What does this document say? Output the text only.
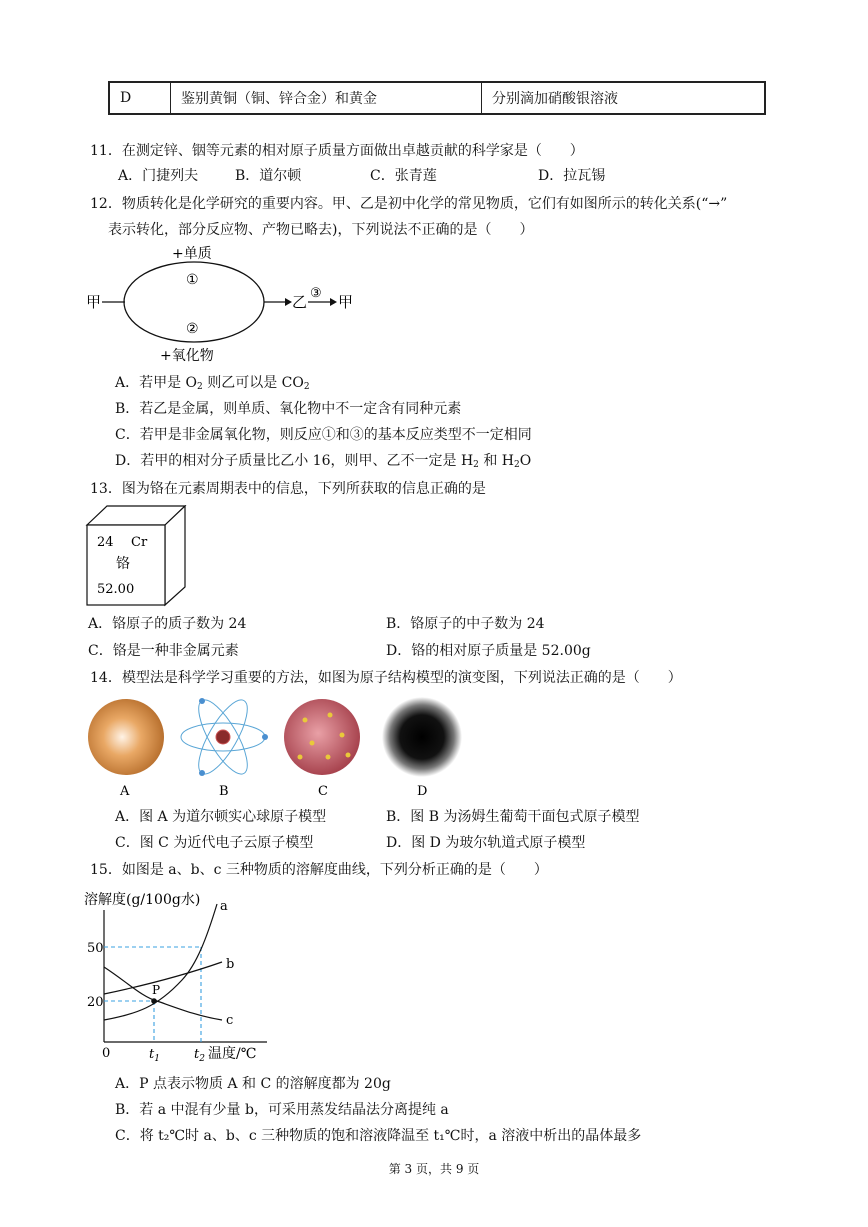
D	鉴别黄铜（铜、锌合金）和黄金	分别滴加硝酸银溶液
11．在测定锌、铟等元素的相对原子质量方面做出卓越贡献的科学家是（　　）
A．门捷列夫	B．道尔顿	C．张青莲	D．拉瓦锡
12．物质转化是化学研究的重要内容。甲、乙是初中化学的常见物质，它们有如图所示的转化关系(“→”
表示转化，部分反应物、产物已略去)，下列说法不正确的是（　　）
甲
+单质
①
②
+氧化物
乙 ③ 甲
A．若甲是 $O_2$ 则乙可以是 $CO_2$
B．若乙是金属，则单质、氧化物中不一定含有同种元素
C．若甲是非金属氧化物，则反应①和③的基本反应类型不一定相同
D．若甲的相对分子质量比乙小 16，则甲、乙不一定是 $H_2$ 和 $H_2O$
13．图为铬在元素周期表中的信息，下列所获取的信息正确的是
24 Cr
铬
52.00
A．铬原子的质子数为 24	B．铬原子的中子数为 24
C．铬是一种非金属元素	D．铬的相对原子质量是 52.00g
14．模型法是科学学习重要的方法，如图为原子结构模型的演变图，下列说法正确的是（　　）
A	B	C	D
A．图 A 为道尔顿实心球原子模型	B．图 B 为汤姆生葡萄干面包式原子模型
C．图 C 为近代电子云原子模型	D．图 D 为玻尔轨道式原子模型
15．如图是 a、b、c 三种物质的溶解度曲线，下列分析正确的是（　　）
溶解度(g/100g水)
P
a
b
c
50
20
0	$t_1$	$t_2$ 温度/℃
A．P 点表示物质 A 和 C 的溶解度都为 20g
B．若 a 中混有少量 b，可采用蒸发结晶法分离提纯 a
C．将 t₂℃时 a、b、c 三种物质的饱和溶液降温至 t₁℃时，a 溶液中析出的晶体最多
第 3 页，共 9 页
